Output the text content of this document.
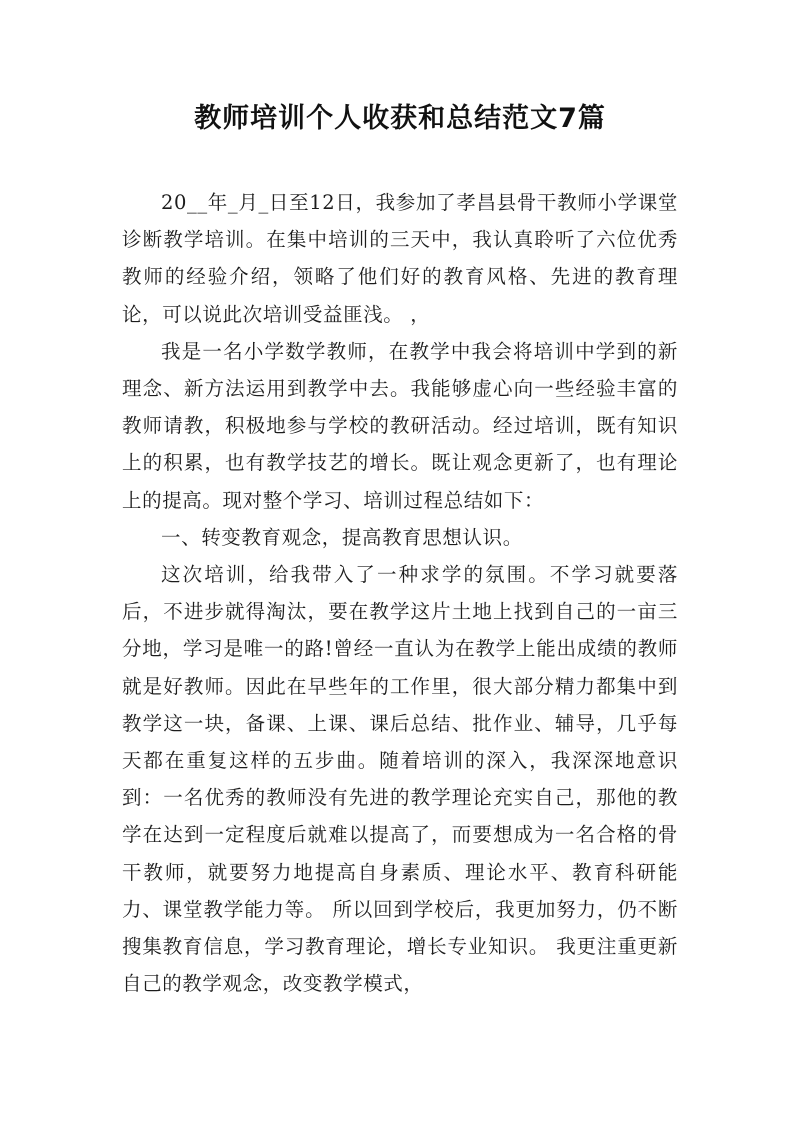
教师培训个人收获和总结范文7篇

20__年_月_日至12日，我参加了孝昌县骨干教师小学课堂诊断教学培训。在集中培训的三天中，我认真聆听了六位优秀教师的经验介绍，领略了他们好的教育风格、先进的教育理论，可以说此次培训受益匪浅。 ，

我是一名小学数学教师，在教学中我会将培训中学到的新理念、新方法运用到教学中去。我能够虚心向一些经验丰富的教师请教，积极地参与学校的教研活动。经过培训，既有知识上的积累，也有教学技艺的增长。既让观念更新了，也有理论上的提高。现对整个学习、培训过程总结如下：

一、转变教育观念，提高教育思想认识。

这次培训，给我带入了一种求学的氛围。不学习就要落后，不进步就得淘汰，要在教学这片土地上找到自己的一亩三分地，学习是唯一的路!曾经一直认为在教学上能出成绩的教师就是好教师。因此在早些年的工作里，很大部分精力都集中到教学这一块，备课、上课、课后总结、批作业、辅导，几乎每天都在重复这样的五步曲。随着培训的深入，我深深地意识到：一名优秀的教师没有先进的教学理论充实自己，那他的教学在达到一定程度后就难以提高了，而要想成为一名合格的骨干教师，就要努力地提高自身素质、理论水平、教育科研能力、课堂教学能力等。 所以回到学校后，我更加努力，仍不断搜集教育信息，学习教育理论，增长专业知识。 我更注重更新自己的教学观念，改变教学模式，
